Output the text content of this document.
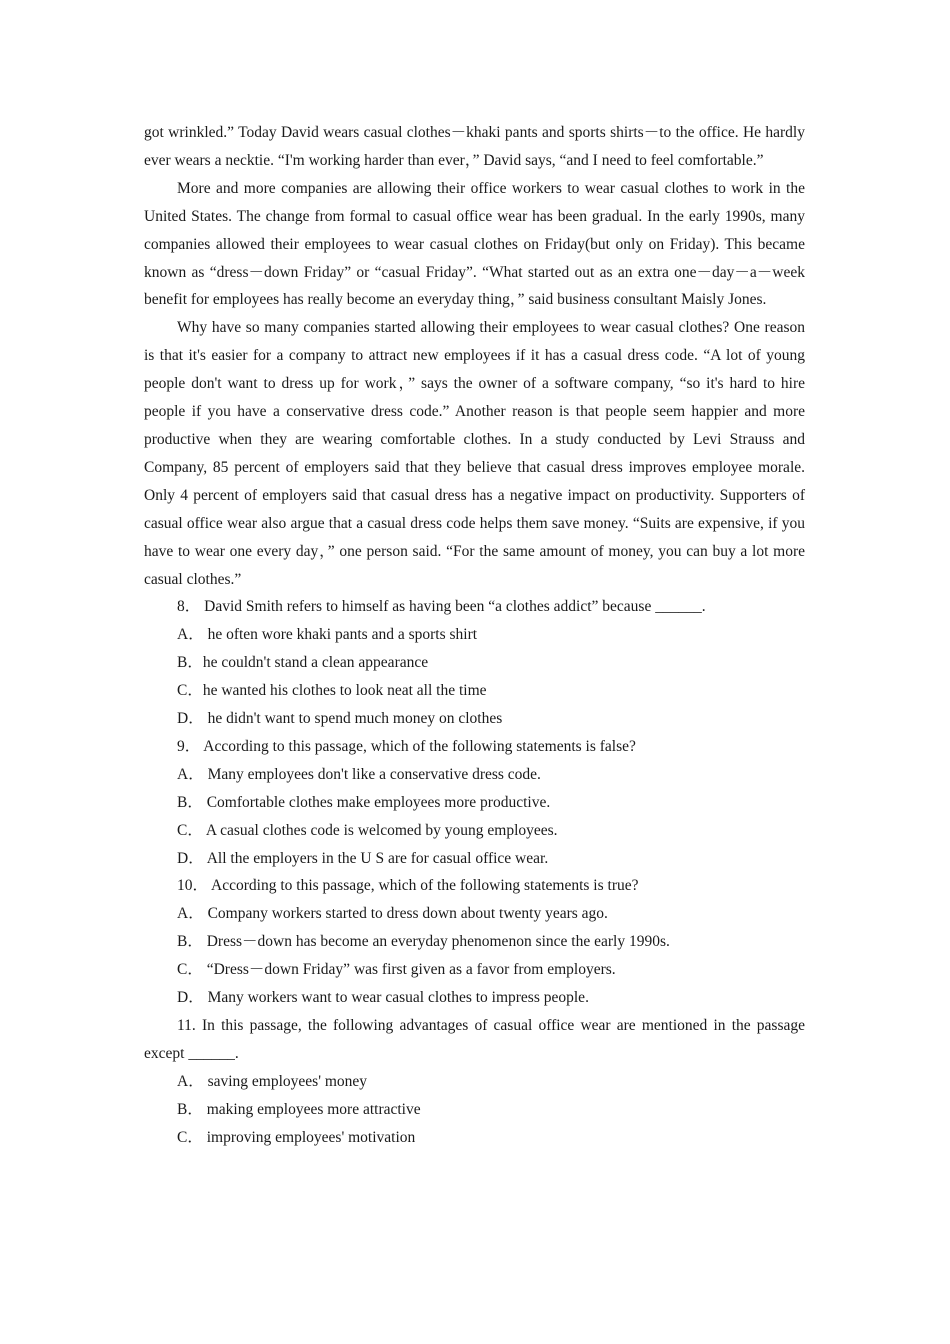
got wrinkled.” Today David wears casual clothes－khaki pants and sports shirts－to the office. He hardly ever wears a necktie. “I'm working harder than ever，” David says, “and I need to feel comfortable.”

More and more companies are allowing their office workers to wear casual clothes to work in the United States. The change from formal to casual office wear has been gradual. In the early 1990s, many companies allowed their employees to wear casual clothes on Friday(but only on Friday). This became known as “dress－down Friday” or “casual Friday”. “What started out as an extra one－day－a－week benefit for employees has really become an everyday thing，” said business consultant Maisly Jones.

Why have so many companies started allowing their employees to wear casual clothes? One reason is that it's easier for a company to attract new employees if it has a casual dress code. “A lot of young people don't want to dress up for work，” says the owner of a software company, “so it's hard to hire people if you have a conservative dress code.” Another reason is that people seem happier and more productive when they are wearing comfortable clothes. In a study conducted by Levi Strauss and Company, 85 percent of employers said that they believe that casual dress improves employee morale. Only 4 percent of employers said that casual dress has a negative impact on productivity. Supporters of casual office wear also argue that a casual dress code helps them save money. “Suits are expensive, if you have to wear one every day，” one person said. “For the same amount of money, you can buy a lot more casual clothes.”

8． David Smith refers to himself as having been “a clothes addict” because ______.

A． he often wore khaki pants and a sports shirt

B．he couldn't stand a clean appearance

C．he wanted his clothes to look neat all the time

D． he didn't want to spend much money on clothes

9． According to this passage, which of the following statements is false?

A． Many employees don't like a conservative dress code.

B． Comfortable clothes make employees more productive.

C． A casual clothes code is welcomed by young employees.

D． All the employers in the U S are for casual office wear.

10． According to this passage, which of the following statements is true?

A． Company workers started to dress down about twenty years ago.

B． Dress－down has become an everyday phenomenon since the early 1990s.

C． “Dress－down Friday” was first given as a favor from employers.

D． Many workers want to wear casual clothes to impress people.

11. In this passage, the following advantages of casual office wear are mentioned in the passage except ______.

A． saving employees' money

B． making employees more attractive

C． improving employees' motivation
